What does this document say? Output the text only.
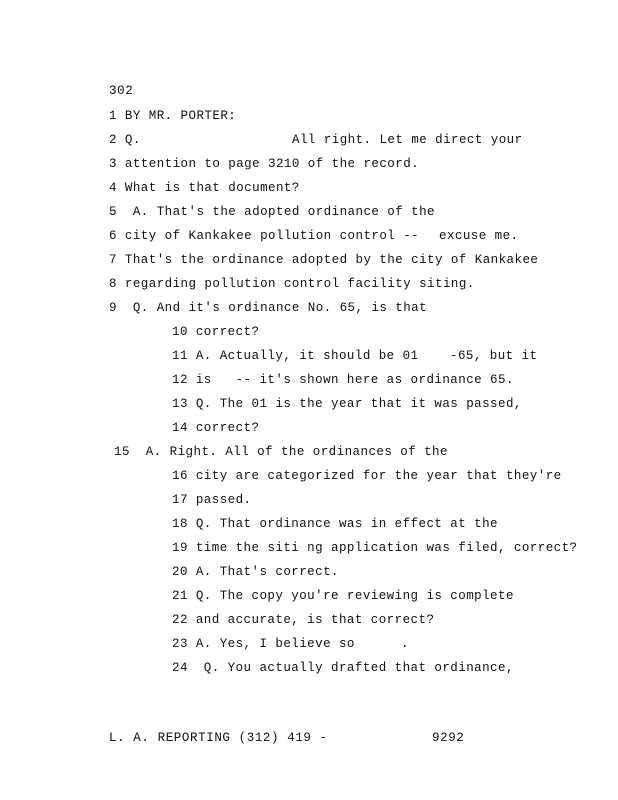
302
1 BY MR. PORTER:
2 Q.	All right. Let me direct your
3 attention to page 3210 of the record.
4 What is that document?
5  A. That's the adopted ordinance of the
6 city of Kankakee pollution control -- excuse me.
7 That's the ordinance adopted by the city of Kankakee
8 regarding pollution control facility siting.
9  Q. And it's ordinance No. 65, is that
10 correct?
11 A. Actually, it should be 01	-65, but it
12 is   -- it's shown here as ordinance 65.
13 Q. The 01 is the year that it was passed,
14 correct?
15  A. Right. All of the ordinances of the
16 city are categorized for the year that they're
17 passed.
18 Q. That ordinance was in effect at the
19 time the siti ng application was filed, correct?
20 A. That's correct.
21 Q. The copy you're reviewing is complete
22 and accurate, is that correct?
23 A. Yes, I believe so	.
24  Q. You actually drafted that ordinance,
L. A. REPORTING (312) 419 -	9292
